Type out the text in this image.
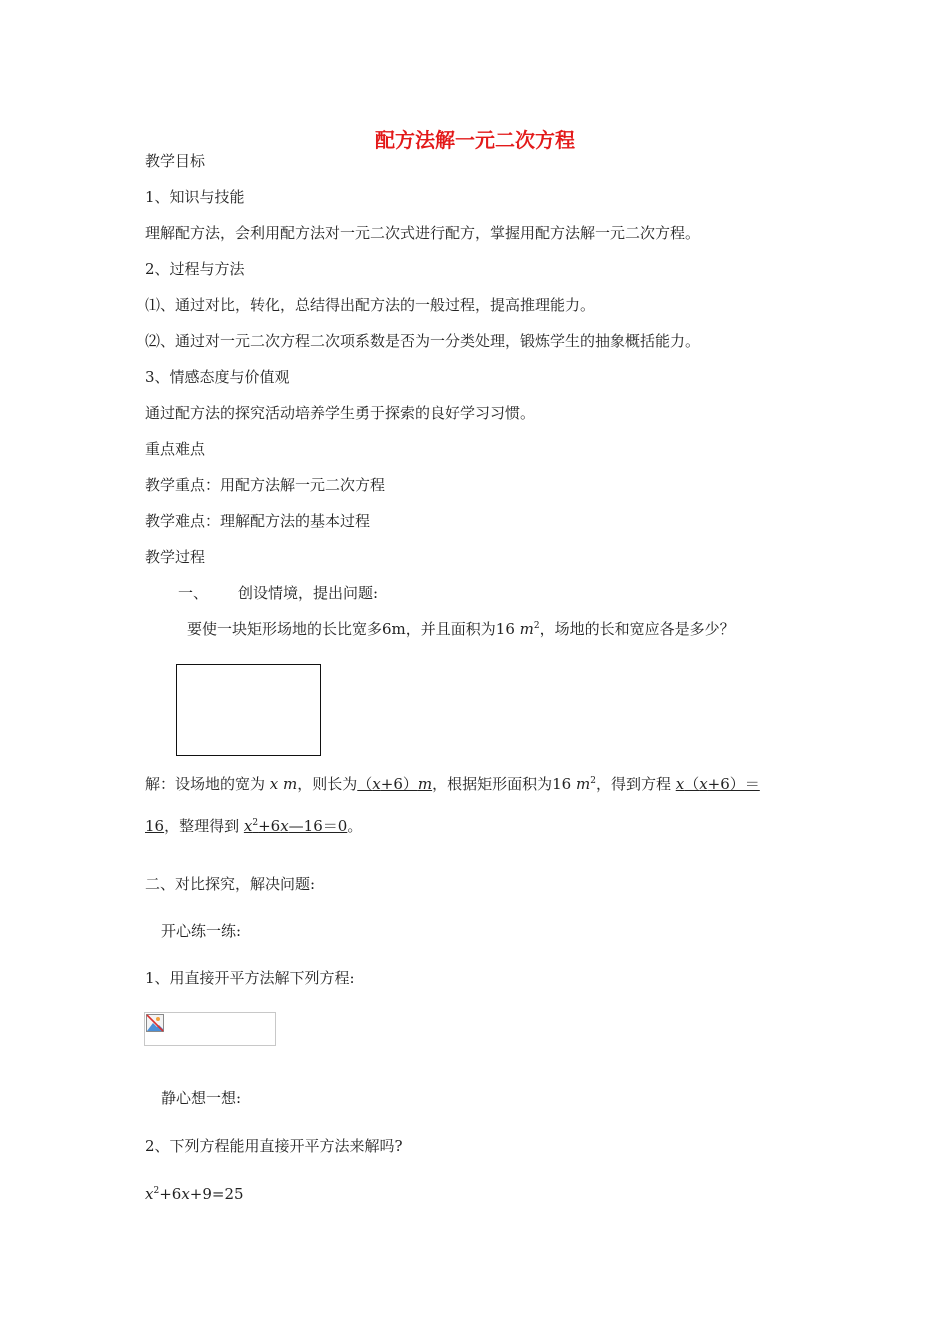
配方法解一元二次方程
教学目标
1、知识与技能
理解配方法，会利用配方法对一元二次式进行配方，掌握用配方法解一元二次方程。
2、过程与方法
⑴、通过对比，转化，总结得出配方法的一般过程，提高推理能力。
⑵、通过对一元二次方程二次项系数是否为一分类处理，锻炼学生的抽象概括能力。
3、情感态度与价值观
通过配方法的探究活动培养学生勇于探索的良好学习习惯。
重点难点
教学重点：用配方法解一元二次方程
教学难点：理解配方法的基本过程
教学过程
一、 创设情境，提出问题:
要使一块矩形场地的长比宽多6m，并且面积为16 $m^2$，场地的长和宽应各是多少？
解：设场地的宽为 x m，则长为（x+6）m，根据矩形面积为16 $m^2$，得到方程 x（x+6）＝
16，整理得到 $x^2+6x—16=0$。
二、对比探究，解决问题:
开心练一练:
1、用直接开平方法解下列方程:
静心想一想:
2、下列方程能用直接开平方法来解吗?
$x^2+6x+9=25$
